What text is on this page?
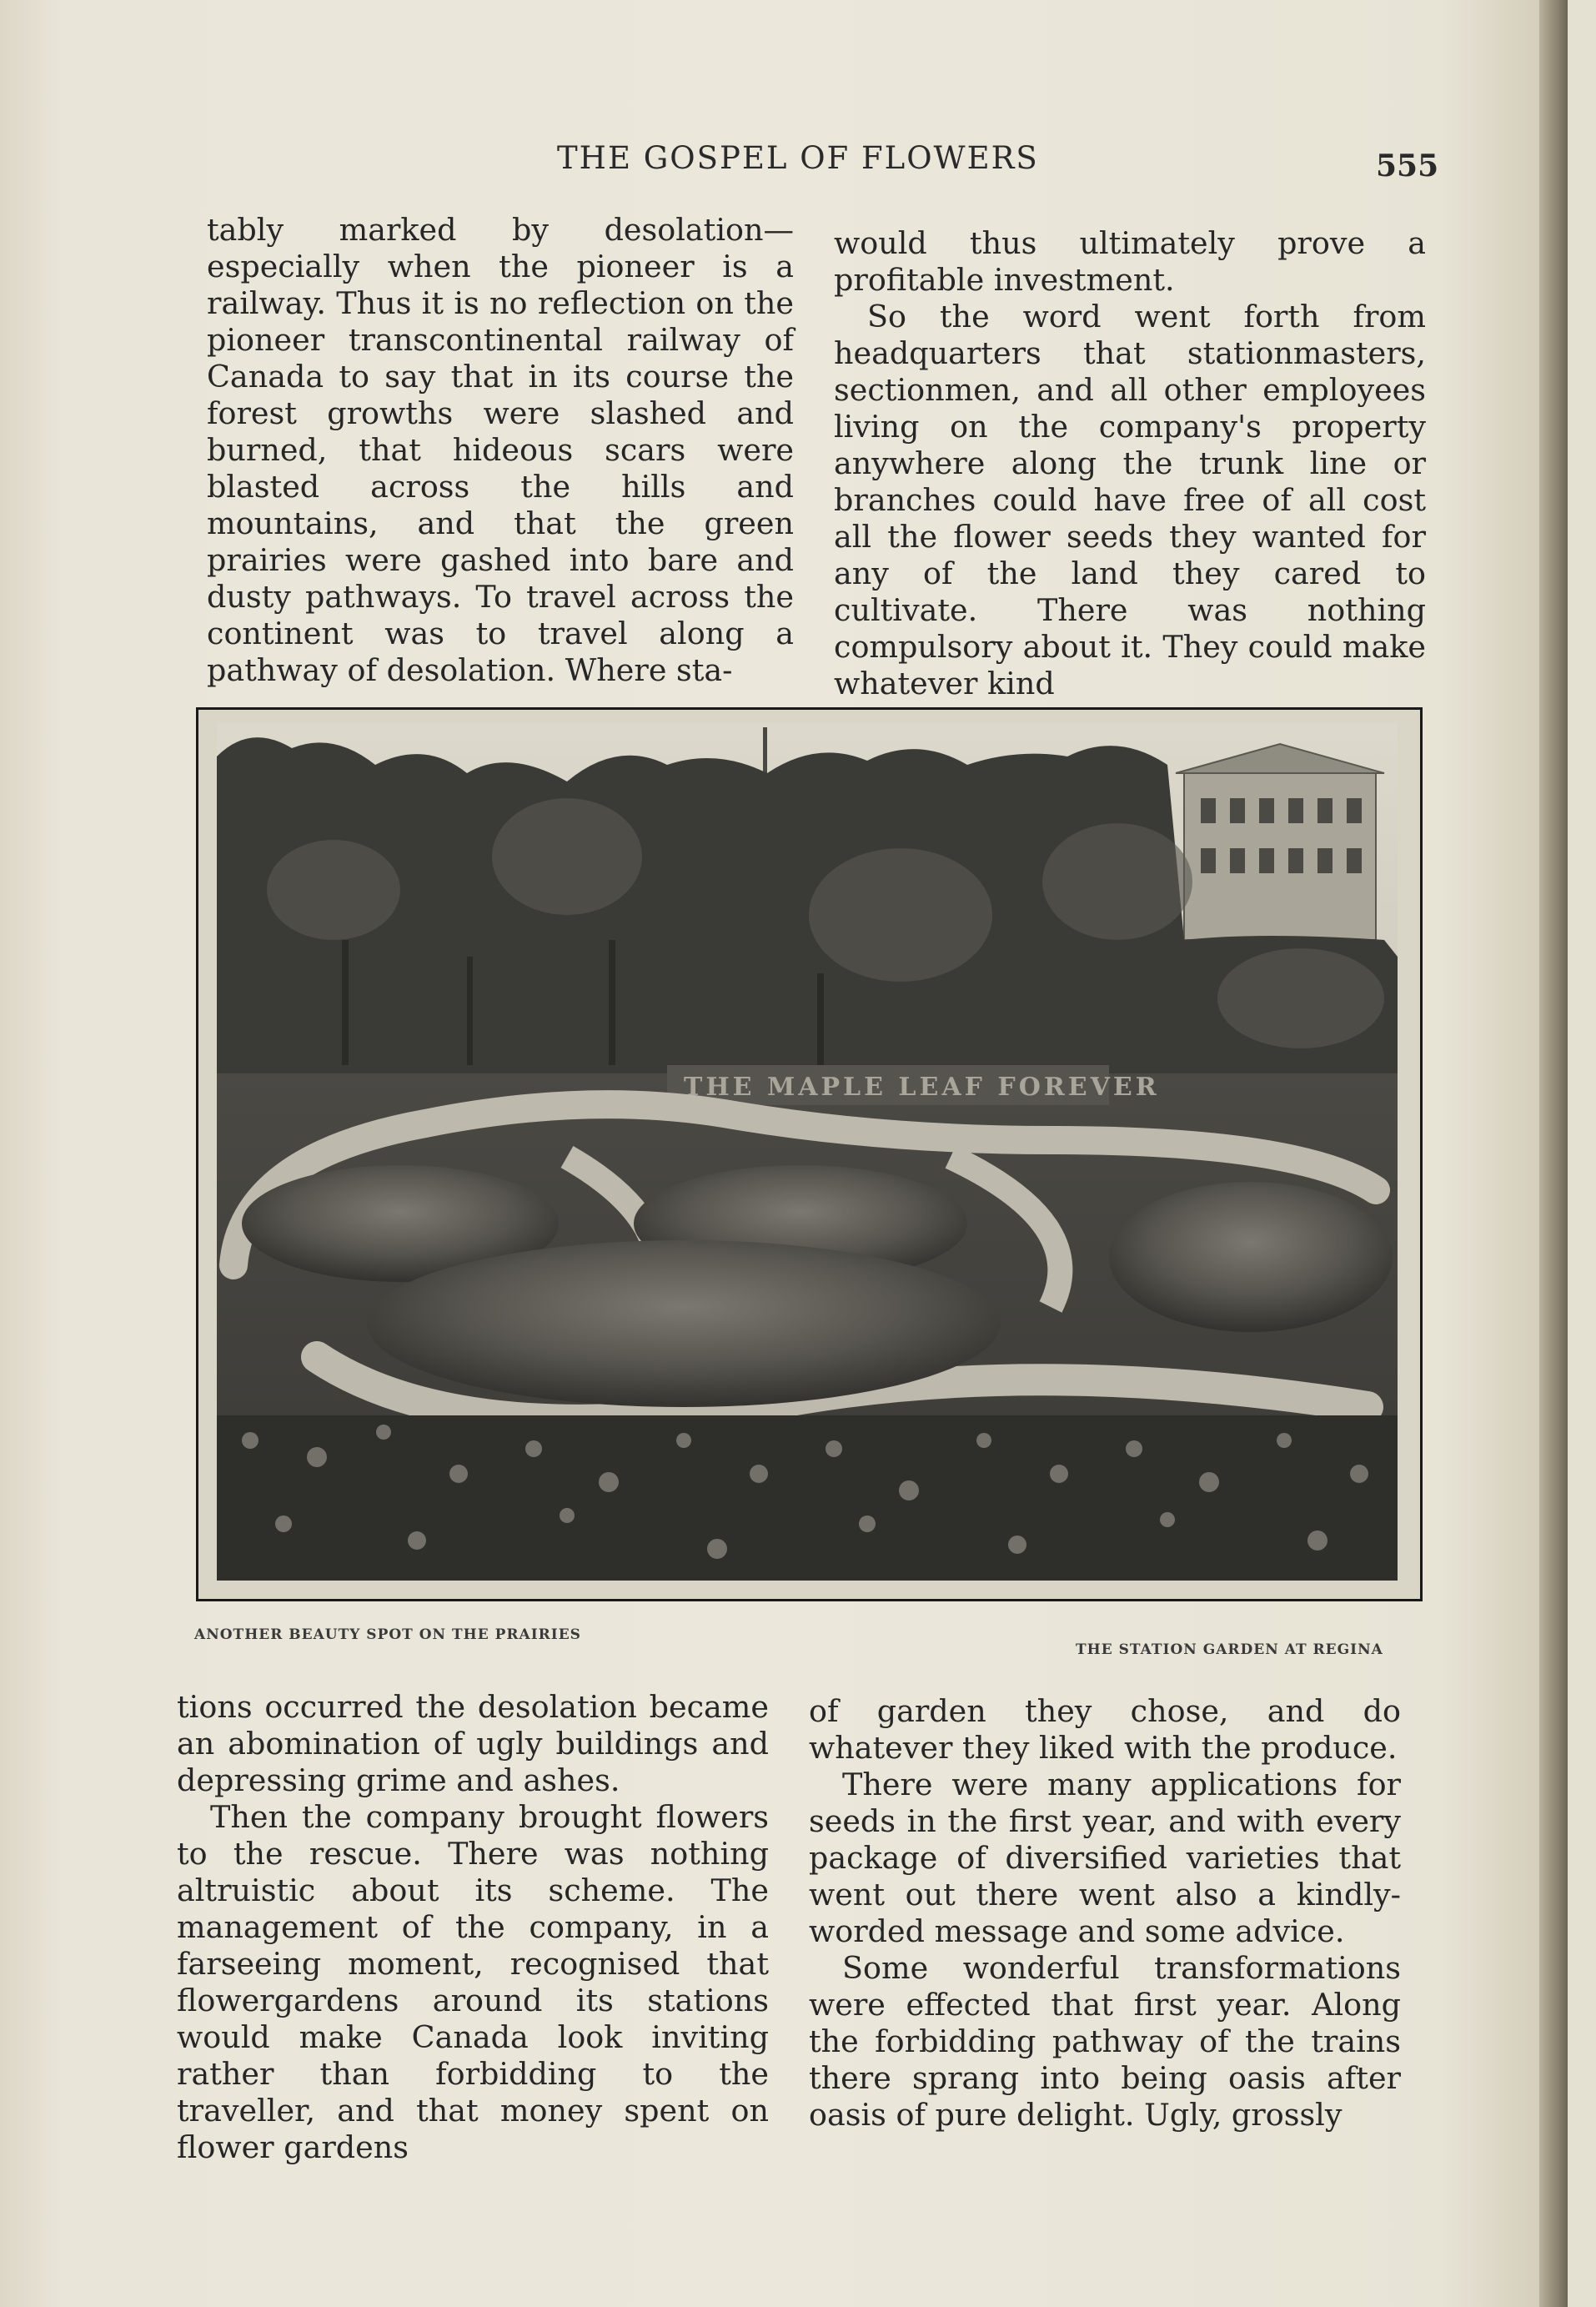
THE GOSPEL OF FLOWERS	555

tably marked by desolation—especially when the pioneer is a railway. Thus it is no reflection on the pioneer transcontinental railway of Canada to say that in its course the forest growths were slashed and burned, that hideous scars were blasted across the hills and mountains, and that the green prairies were gashed into bare and dusty pathways. To travel across the continent was to travel along a pathway of desolation. Where sta-

would thus ultimately prove a profitable investment.

So the word went forth from headquarters that stationmasters, sectionmen, and all other employees living on the company's property anywhere along the trunk line or branches could have free of all cost all the flower seeds they wanted for any of the land they cared to cultivate. There was nothing compulsory about it. They could make whatever kind

THE MAPLE LEAF FOREVER
ANOTHER BEAUTY SPOT ON THE PRAIRIES
THE STATION GARDEN AT REGINA

tions occurred the desolation became an abomination of ugly buildings and depressing grime and ashes.

Then the company brought flowers to the rescue. There was nothing altruistic about its scheme. The management of the company, in a farseeing moment, recognised that flowergardens around its stations would make Canada look inviting rather than forbidding to the traveller, and that money spent on flower gardens

of garden they chose, and do whatever they liked with the produce.

There were many applications for seeds in the first year, and with every package of diversified varieties that went out there went also a kindly-worded message and some advice.

Some wonderful transformations were effected that first year. Along the forbidding pathway of the trains there sprang into being oasis after oasis of pure delight. Ugly, grossly
